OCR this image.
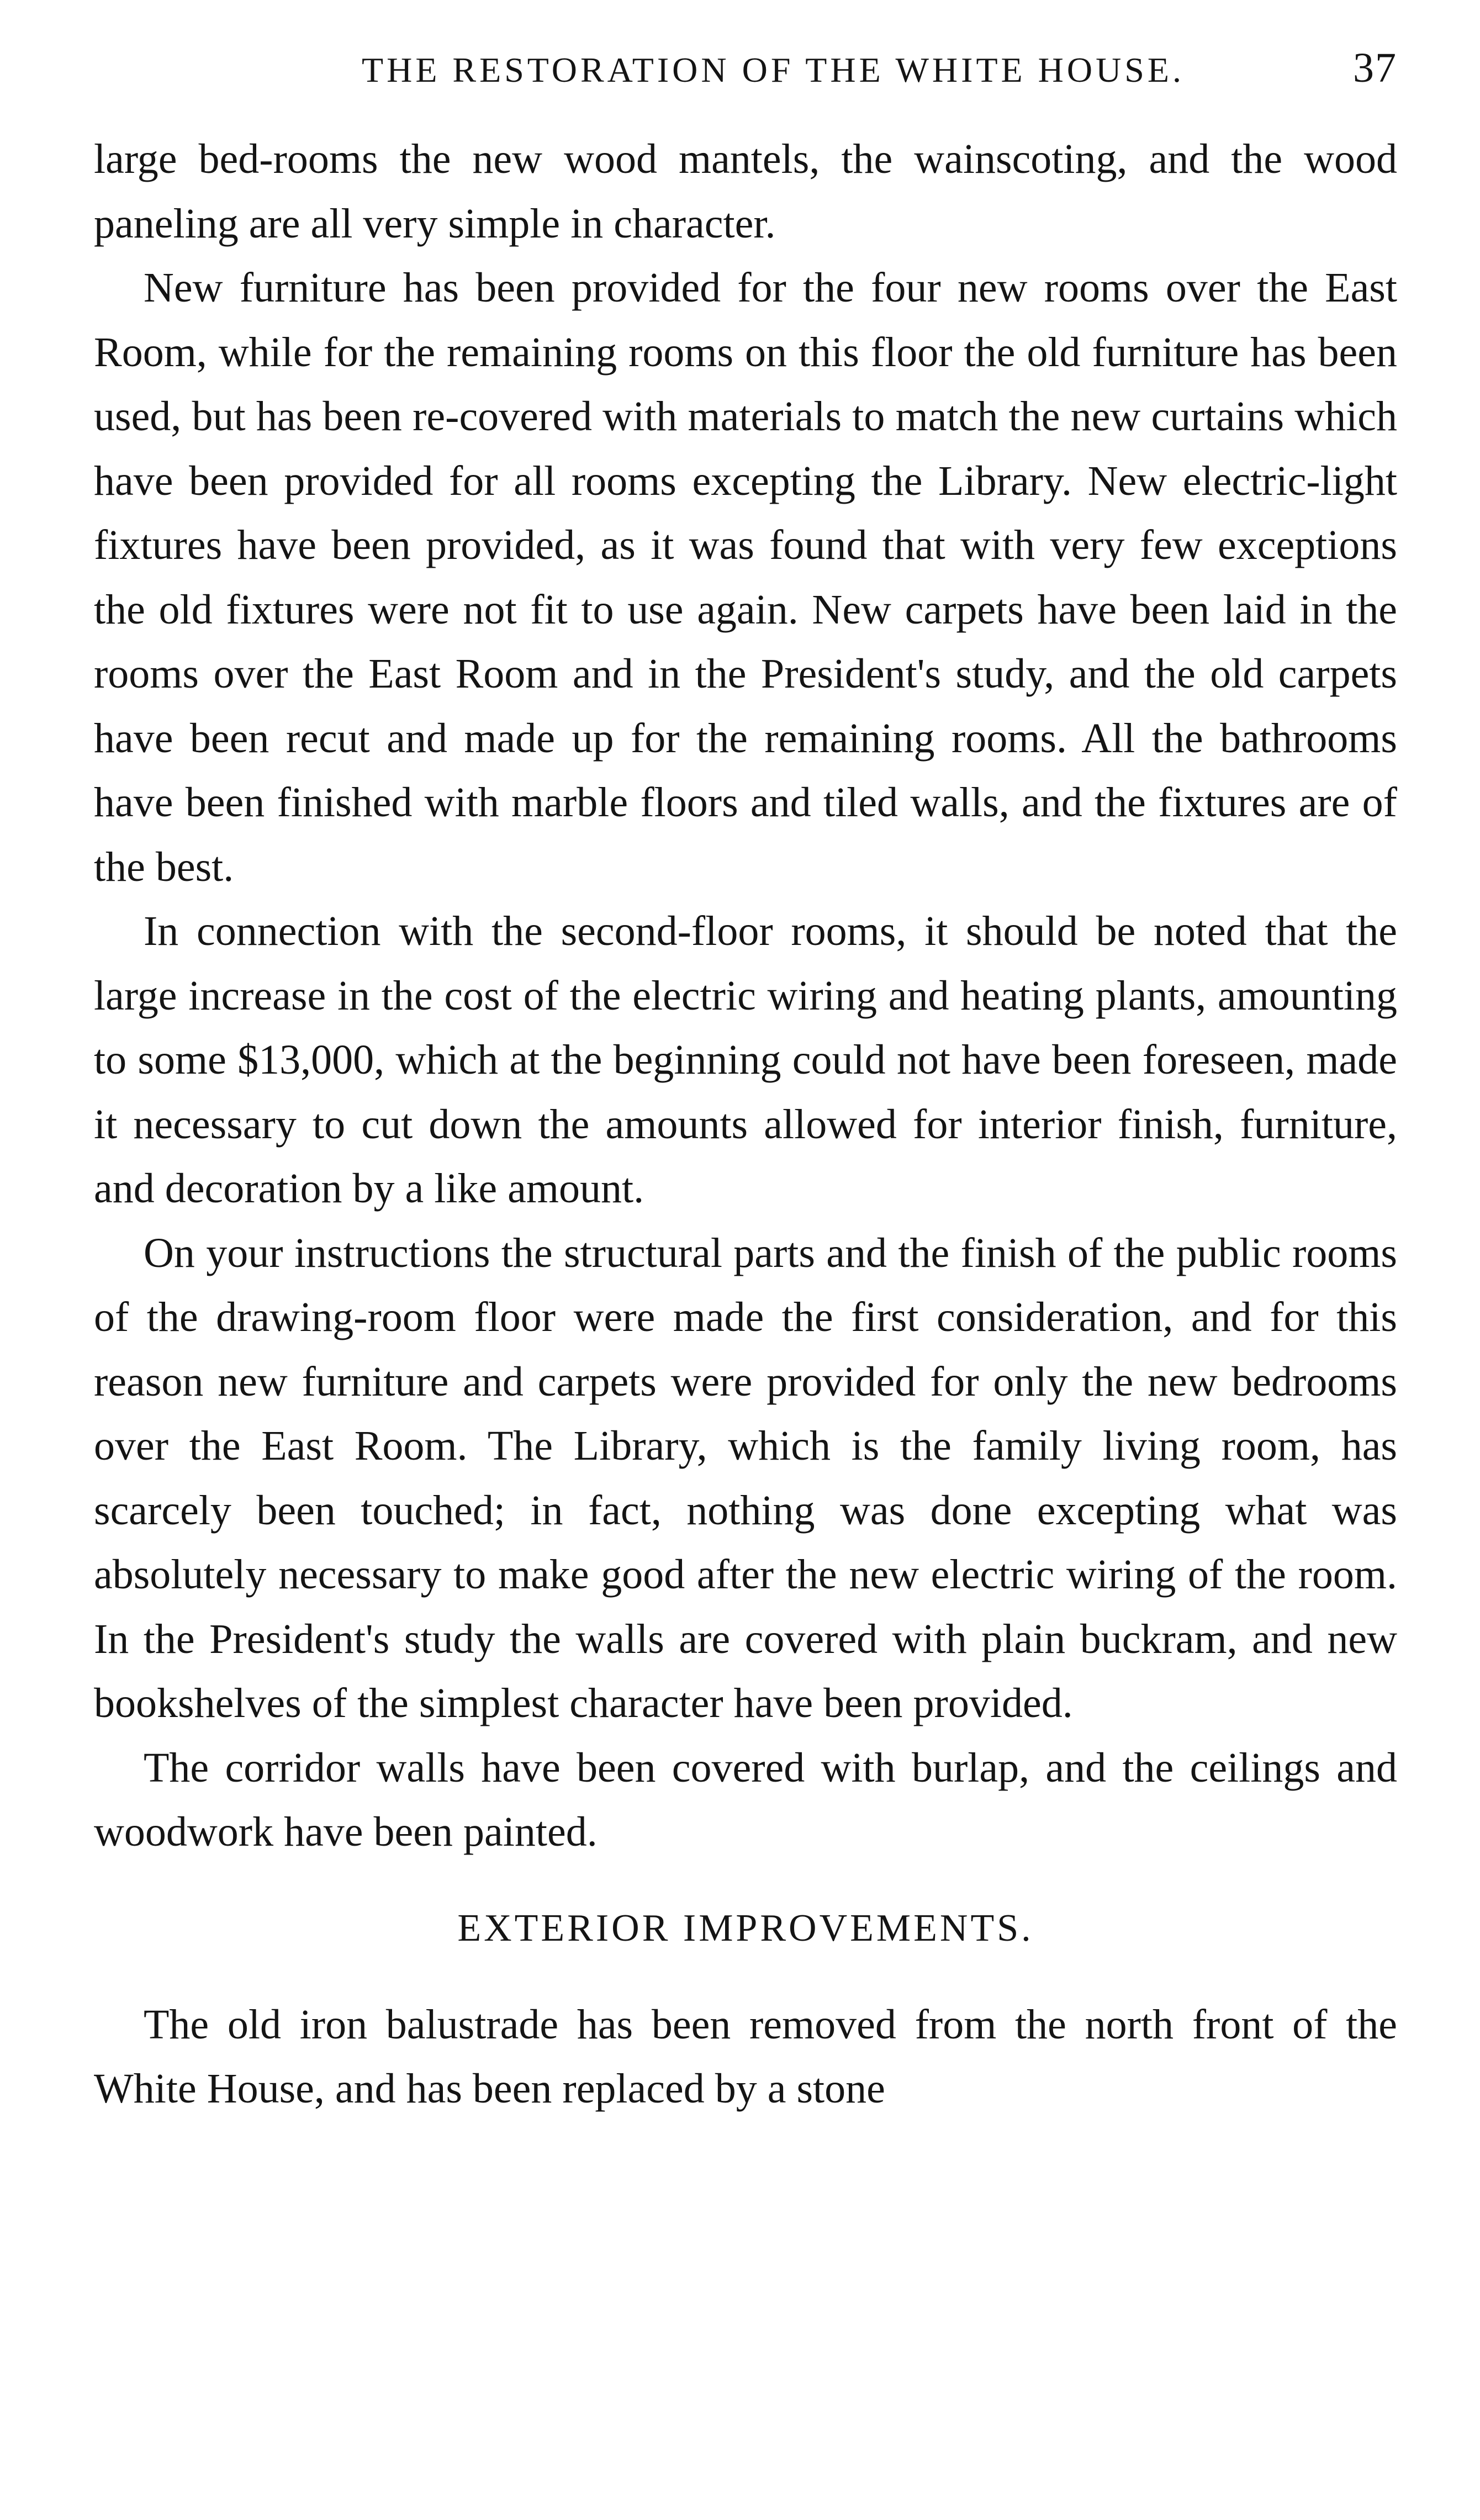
THE RESTORATION OF THE WHITE HOUSE.	37

large bed-rooms the new wood mantels, the wainscoting, and the wood paneling are all very simple in character.

New furniture has been provided for the four new rooms over the East Room, while for the remaining rooms on this floor the old furniture has been used, but has been re-covered with materials to match the new curtains which have been provided for all rooms excepting the Library. New electric-light fixtures have been provided, as it was found that with very few exceptions the old fixtures were not fit to use again. New carpets have been laid in the rooms over the East Room and in the President's study, and the old carpets have been recut and made up for the remaining rooms. All the bathrooms have been finished with marble floors and tiled walls, and the fixtures are of the best.

In connection with the second-floor rooms, it should be noted that the large increase in the cost of the electric wiring and heating plants, amounting to some $13,000, which at the beginning could not have been foreseen, made it necessary to cut down the amounts allowed for interior finish, furniture, and decoration by a like amount.

On your instructions the structural parts and the finish of the public rooms of the drawing-room floor were made the first consideration, and for this reason new furniture and carpets were provided for only the new bedrooms over the East Room. The Library, which is the family living room, has scarcely been touched; in fact, nothing was done excepting what was absolutely necessary to make good after the new electric wiring of the room. In the President's study the walls are covered with plain buckram, and new bookshelves of the simplest character have been provided.

The corridor walls have been covered with burlap, and the ceilings and woodwork have been painted.

EXTERIOR IMPROVEMENTS.

The old iron balustrade has been removed from the north front of the White House, and has been replaced by a stone
